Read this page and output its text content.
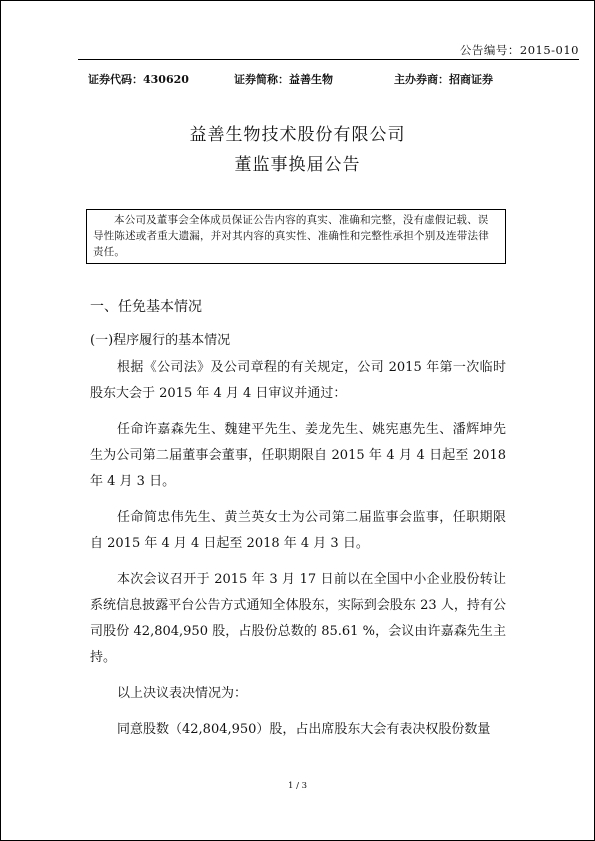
公告编号：2015-010
证券代码：430620	证券简称：益善生物	主办券商：招商证券
益善生物技术股份有限公司
董监事换届公告
本公司及董事会全体成员保证公告内容的真实、准确和完整，没有虚假记载、误导性陈述或者重大遗漏，并对其内容的真实性、准确性和完整性承担个别及连带法律责任。
一、任免基本情况
(一)程序履行的基本情况

根据《公司法》及公司章程的有关规定，公司 2015 年第一次临时股东大会于 2015 年 4 月 4 日审议并通过：

任命许嘉森先生、魏建平先生、姜龙先生、姚宪惠先生、潘辉坤先生为公司第二届董事会董事，任职期限自 2015 年 4 月 4 日起至 2018 年 4 月 3 日。

任命简忠伟先生、黄兰英女士为公司第二届监事会监事，任职期限自 2015 年 4 月 4 日起至 2018 年 4 月 3 日。

本次会议召开于 2015 年 3 月 17 日前以在全国中小企业股份转让系统信息披露平台公告方式通知全体股东，实际到会股东 23 人，持有公司股份 42,804,950 股，占股份总数的 85.61 %，会议由许嘉森先生主持。

以上决议表决情况为：

同意股数（42,804,950）股，占出席股东大会有表决权股份数量

1 / 3
